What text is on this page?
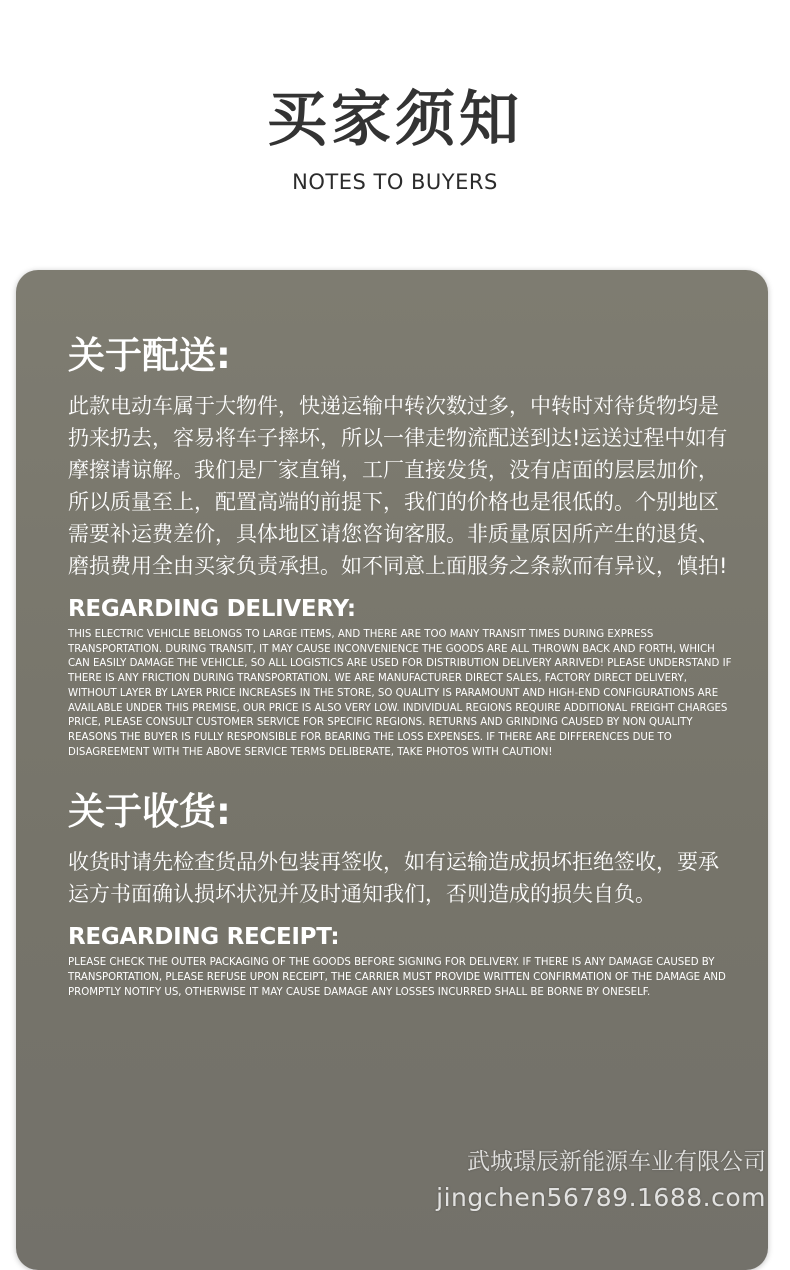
买家须知
NOTES TO BUYERS
关于配送:

此款电动车属于大物件，快递运输中转次数过多，中转时对待货物均是扔来扔去，容易将车子摔坏，所以一律走物流配送到达!运送过程中如有摩擦请谅解。我们是厂家直销，工厂直接发货，没有店面的层层加价，所以质量至上，配置高端的前提下，我们的价格也是很低的。个别地区需要补运费差价，具体地区请您咨询客服。非质量原因所产生的退货、磨损费用全由买家负责承担。如不同意上面服务之条款而有异议，慎拍!

REGARDING DELIVERY:

THIS ELECTRIC VEHICLE BELONGS TO LARGE ITEMS, AND THERE ARE TOO MANY TRANSIT TIMES DURING EXPRESS TRANSPORTATION. DURING TRANSIT, IT MAY CAUSE INCONVENIENCE THE GOODS ARE ALL THROWN BACK AND FORTH, WHICH CAN EASILY DAMAGE THE VEHICLE, SO ALL LOGISTICS ARE USED FOR DISTRIBUTION DELIVERY ARRIVED! PLEASE UNDERSTAND IF THERE IS ANY FRICTION DURING TRANSPORTATION. WE ARE MANUFACTURER DIRECT SALES, FACTORY DIRECT DELIVERY, WITHOUT LAYER BY LAYER PRICE INCREASES IN THE STORE, SO QUALITY IS PARAMOUNT AND HIGH-END CONFIGURATIONS ARE AVAILABLE UNDER THIS PREMISE, OUR PRICE IS ALSO VERY LOW. INDIVIDUAL REGIONS REQUIRE ADDITIONAL FREIGHT CHARGES PRICE, PLEASE CONSULT CUSTOMER SERVICE FOR SPECIFIC REGIONS. RETURNS AND GRINDING CAUSED BY NON QUALITY REASONS THE BUYER IS FULLY RESPONSIBLE FOR BEARING THE LOSS EXPENSES. IF THERE ARE DIFFERENCES DUE TO DISAGREEMENT WITH THE ABOVE SERVICE TERMS DELIBERATE, TAKE PHOTOS WITH CAUTION!

关于收货:

收货时请先检查货品外包装再签收，如有运输造成损坏拒绝签收，要承运方书面确认损坏状况并及时通知我们，否则造成的损失自负。

REGARDING RECEIPT:

PLEASE CHECK THE OUTER PACKAGING OF THE GOODS BEFORE SIGNING FOR DELIVERY. IF THERE IS ANY DAMAGE CAUSED BY TRANSPORTATION, PLEASE REFUSE UPON RECEIPT, THE CARRIER MUST PROVIDE WRITTEN CONFIRMATION OF THE DAMAGE AND PROMPTLY NOTIFY US, OTHERWISE IT MAY CAUSE DAMAGE ANY LOSSES INCURRED SHALL BE BORNE BY ONESELF.

武城璟辰新能源车业有限公司
jingchen56789.1688.com
